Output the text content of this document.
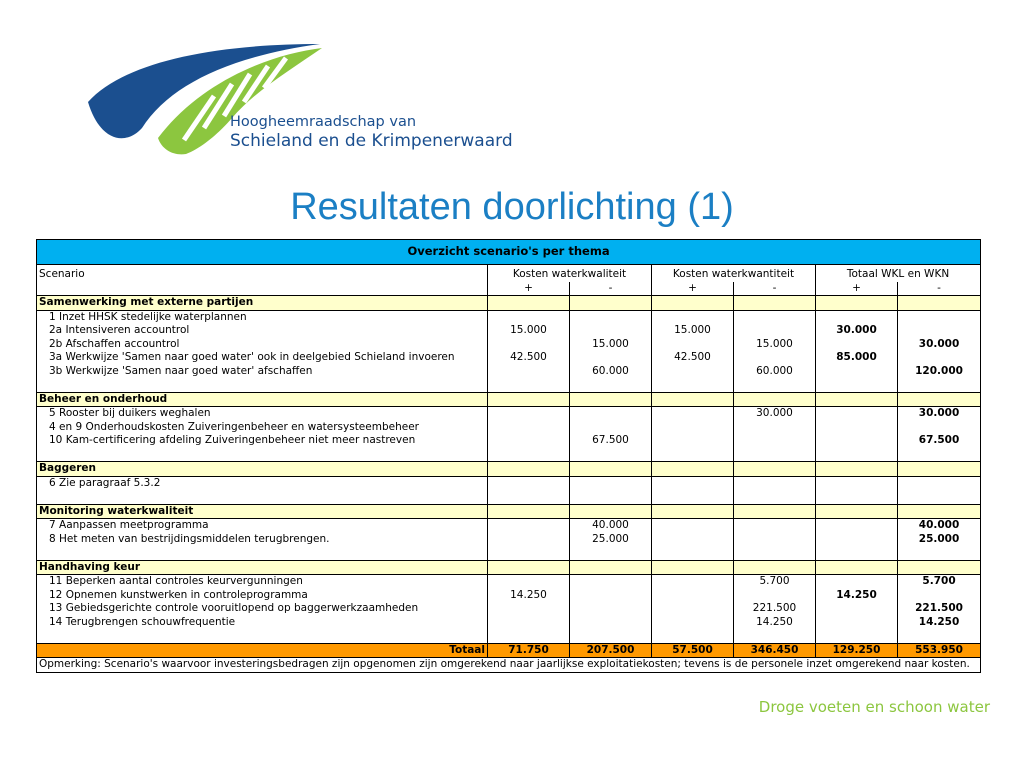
Hoogheemraadschap van
Schieland en de Krimpenerwaard
Resultaten doorlichting (1)
Overzicht scenario's per thema						
Scenario	Kosten waterkwaliteit		Kosten waterkwantiteit		Totaal WKL en WKN	
	+	-	+	-	+	-
Samenwerking met externe partijen						
1 Inzet HHSK stedelijke waterplannen						
2a Intensiveren accountrol	15.000		15.000		30.000	
2b Afschaffen accountrol		15.000		15.000		30.000
3a Werkwijze 'Samen naar goed water' ook in deelgebied Schieland invoeren	42.500		42.500		85.000	
3b Werkwijze 'Samen naar goed water' afschaffen		60.000		60.000		120.000

Beheer en onderhoud						
5 Rooster bij duikers weghalen				30.000		30.000
4 en 9 Onderhoudskosten Zuiveringenbeheer en watersysteembeheer						
10 Kam-certificering afdeling Zuiveringenbeheer niet meer nastreven		67.500				67.500

Baggeren						
6 Zie paragraaf 5.3.2						

Monitoring waterkwaliteit						
7 Aanpassen meetprogramma		40.000				40.000
8 Het meten van bestrijdingsmiddelen terugbrengen.		25.000				25.000

Handhaving keur						
11 Beperken aantal controles keurvergunningen				5.700		5.700
12 Opnemen kunstwerken in controleprogramma	14.250				14.250	
13 Gebiedsgerichte controle vooruitlopend op baggerwerkzaamheden				221.500		221.500
14 Terugbrengen schouwfrequentie				14.250		14.250

Totaal	71.750	207.500	57.500	346.450	129.250	553.950
Opmerking: Scenario's waarvoor investeringsbedragen zijn opgenomen zijn omgerekend naar jaarlijkse exploitatiekosten; tevens is de personele inzet omgerekend naar kosten.						
Droge voeten en schoon water
